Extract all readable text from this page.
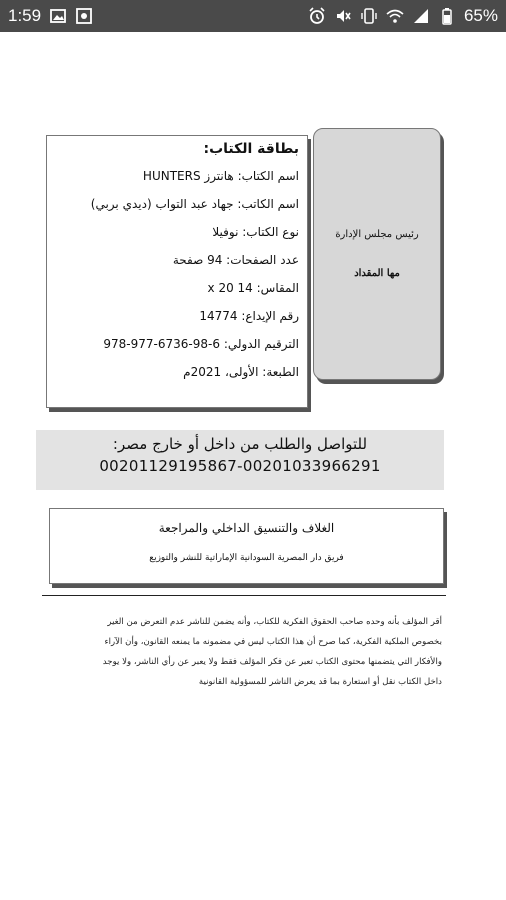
1:59	65%
رئيس مجلس الإدارة
مها المقداد
بطاقة الكتاب:
اسم الكتاب: هانترز HUNTERS
اسم الكاتب: جهاد عبد التواب (ديدي بربي)
نوع الكتاب: نوفيلا
عدد الصفحات: 94 صفحة
المقاس: 14 x 20
رقم الإيداع: 14774
الترقيم الدولي: 6-98-6736-977-978
الطبعة: الأولى، 2021م
للتواصل والطلب من داخل أو خارج مصر:
00201129195867-00201033966291
الغلاف والتنسيق الداخلي والمراجعة
فريق دار المصرية السودانية الإماراتية للنشر والتوزيع
أقر المؤلف بأنه وحده صاحب الحقوق الفكرية للكتاب، وأنه يضمن للناشر عدم التعرض من الغير
بخصوص الملكية الفكرية، كما صرح أن هذا الكتاب ليس في مضمونه ما يمنعه القانون، وأن الآراء
والأفكار التي يتضمنها محتوى الكتاب تعبر عن فكر المؤلف فقط ولا يعبر عن رأي الناشر، ولا يوجد
داخل الكتاب نقل أو استعارة بما قد يعرض الناشر للمسؤولية القانونية
